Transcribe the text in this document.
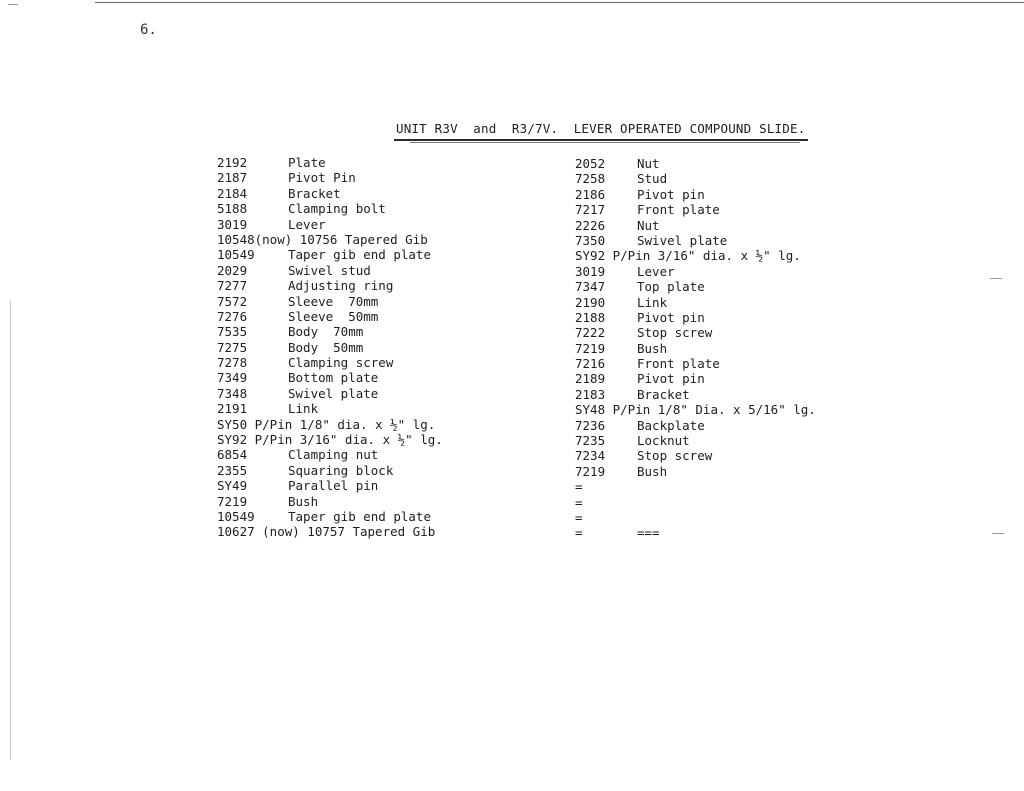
6.
UNIT R3V  and  R3/7V.  LEVER OPERATED COMPOUND SLIDE.
2192	Plate
2187	Pivot Pin
2184	Bracket
5188	Clamping bolt
3019	Lever
10548(now) 10756 Tapered Gib
10549	Taper gib end plate
2029	Swivel stud
7277	Adjusting ring
7572	Sleeve  70mm
7276	Sleeve  50mm
7535	Body  70mm
7275	Body  50mm
7278	Clamping screw
7349	Bottom plate
7348	Swivel plate
2191	Link
SY50 P/Pin 1/8" dia. x ½" lg.
SY92 P/Pin 3/16" dia. x ½" lg.
6854	Clamping nut
2355	Squaring block
SY49	Parallel pin
7219	Bush
10549	Taper gib end plate
10627 (now) 10757 Tapered Gib
2052	Nut
7258	Stud
2186	Pivot pin
7217	Front plate
2226	Nut
7350	Swivel plate
SY92 P/Pin 3/16" dia. x ½" lg.
3019	Lever
7347	Top plate
2190	Link
2188	Pivot pin
7222	Stop screw
7219	Bush
7216	Front plate
2189	Pivot pin
2183	Bracket
SY48 P/Pin 1/8" Dia. x 5/16" lg.
7236	Backplate
7235	Locknut
7234	Stop screw
7219	Bush
=
=
=
=	===
